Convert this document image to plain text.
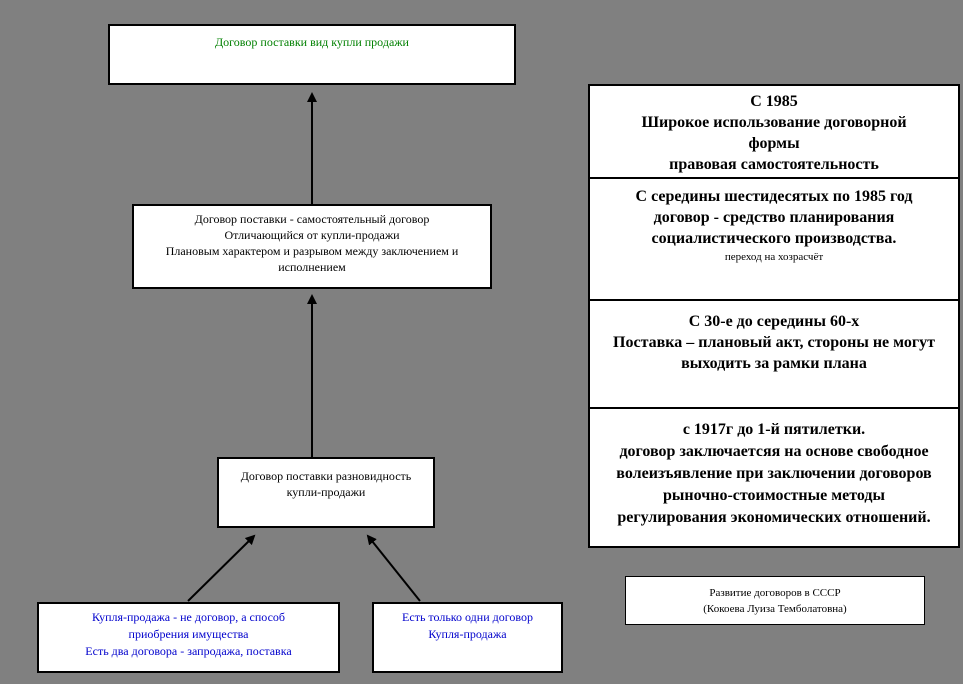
Договор поставки вид купли продажи
Договор поставки - самостоятельный договор
Отличающийся от купли-продажи
Плановым характером и разрывом между заключением и
исполнением
Договор поставки разновидность
купли-продажи
Купля-продажа - не договор, а способ
приобрения имущества
Есть два договора - запродажа, поставка
Есть только одни договор
Купля-продажа
С 1985
Широкое использование договорной
формы
правовая самостоятельность
С середины шестидесятых по 1985 год
договор - средство планирования
социалистического производства.
переход на хозрасчёт
С 30-е до середины 60-х
Поставка – плановый акт, стороны не могут
выходить за рамки плана
с 1917г до 1-й пятилетки.
договор заключаетсяя на основе свободное
волеизъявление при заключении договоров
рыночно-стоимостные методы
регулирования экономических отношений.
Развитие договоров в СССР
(Кокоева Луиза Темболатовна)
